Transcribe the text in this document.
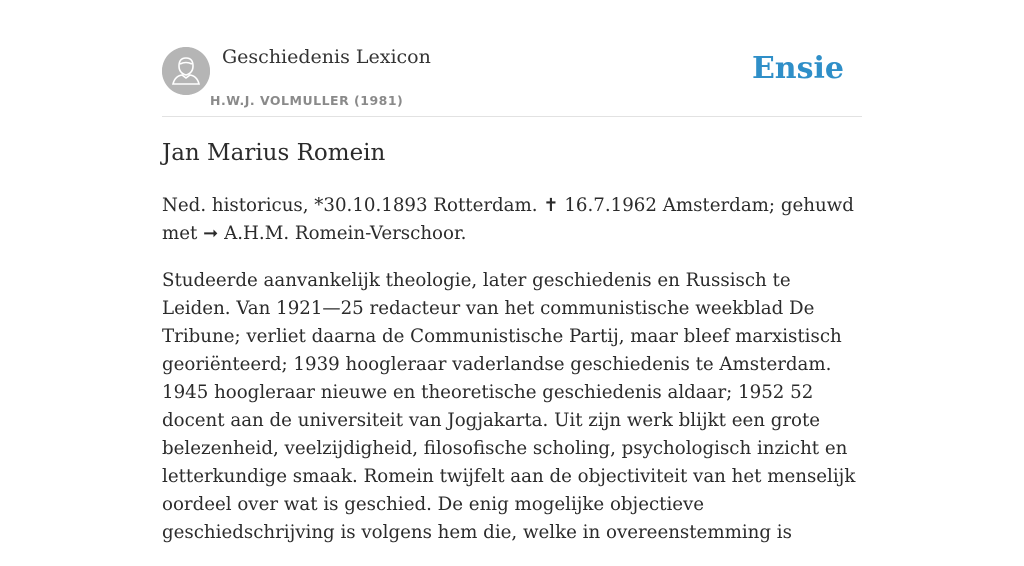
Geschiedenis Lexicon
H.W.J. VOLMULLER (1981)
Ensie
Jan Marius Romein

Ned. historicus, *30.10.1893 Rotterdam. ✝ 16.7.1962 Amsterdam; gehuwd met ➞ A.H.M. Romein-Verschoor.

Studeerde aanvankelijk theologie, later geschiedenis en Russisch te Leiden. Van 1921—25 redacteur van het communistische weekblad De Tribune; verliet daarna de Communistische Partij, maar bleef marxistisch georiënteerd; 1939 hoogleraar vaderlandse geschiedenis te Amsterdam. 1945 hoogleraar nieuwe en theoretische geschiedenis aldaar; 1952 52 docent aan de universiteit van Jogjakarta. Uit zijn werk blijkt een grote belezenheid, veelzijdigheid, filosofische scholing, psychologisch inzicht en letterkundige smaak. Romein twijfelt aan de objectiviteit van het menselijk oordeel over wat is geschied. De enig mogelijke objectieve geschiedschrijving is volgens hem die, welke in overeenstemming is
